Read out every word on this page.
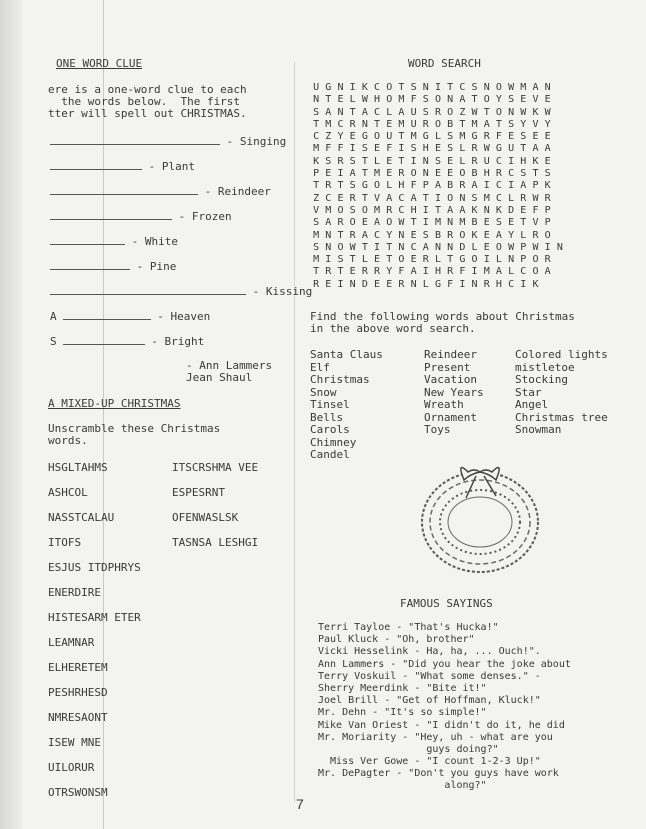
ONE WORD CLUE
ere is a one-word clue to each
the words below.  The first
tter will spell out CHRISTMAS.
- Singing
- Plant
- Reindeer
- Frozen
- White
- Pine
- Kissing
A	- Heaven
S	- Bright
- Ann Lammers
Jean Shaul
A MIXED-UP CHRISTMAS
Unscramble these Christmas
words.
HSGLTAHMS
ASHCOL
NASSTCALAU
ITOFS
ESJUS ITDPHRYS
ENERDIRE
HISTESARM ETER
LEAMNAR
ELHERETEM
PESHRHESD
NMRESAONT
ISEW MNE
UILORUR
OTRSWONSM
ITSCRSHMA VEE
ESPESRNT
OFENWASLSK
TASNSA LESHGI
WORD SEARCH
U G N I K C O T S N I T C S N O W M A N
N T E L W H O M F S O N A T O Y S E V E
S A N T A C L A U S R O Z W T O N W K W
T M C R N T E M U R O B T M A T S Y V Y
C Z Y E G O U T M G L S M G R F E S E E
M F F I S E F I S H E S L R W G U T A A
K S R S T L E T I N S E L R U C I H K E
P E I A T M E R O N E E O B H R C S T S
T R T S G O L H F P A B R A I C I A P K
Z C E R T V A C A T I O N S M C L R W R
V M O S O M R C H I T A A K N K D E F P
S A R O E A O W T I M N M B E S E T V P
M N T R A C Y N E S B R O K E A Y L R O
S N O W T I T N C A N N D L E O W P W I N
M I S T L E T O E R L T G O I L N P O R
T R T E R R Y F A I H R F I M A L C O A
R E I N D E E R N L G F I N R H C I K
Find the following words about Christmas
in the above word search.
Santa Claus
Elf
Christmas
Snow
Tinsel
Bells
Carols
Chimney
Candel
Reindeer
Present
Vacation
New Years
Wreath
Ornament
Toys
Colored lights
mistletoe
Stocking
Star
Angel
Christmas tree
Snowman
FAMOUS SAYINGS
Terri Tayloe - "That's Hucka!"
Paul Kluck - "Oh, brother"
Vicki Hesselink - Ha, ha, ... Ouch!".
Ann Lammers - "Did you hear the joke about
Terry Voskuil - "What some denses." -
Sherry Meerdink - "Bite it!"
Joel Brill - "Get of Hoffman, Kluck!"
Mr. Dehn - "It's so simple!"
Mike Van Oriest - "I didn't do it, he did
Mr. Moriarity - "Hey, uh - what are you
guys doing?"
Miss Ver Gowe - "I count 1-2-3 Up!"
Mr. DePagter - "Don't you guys have work
along?"
7
